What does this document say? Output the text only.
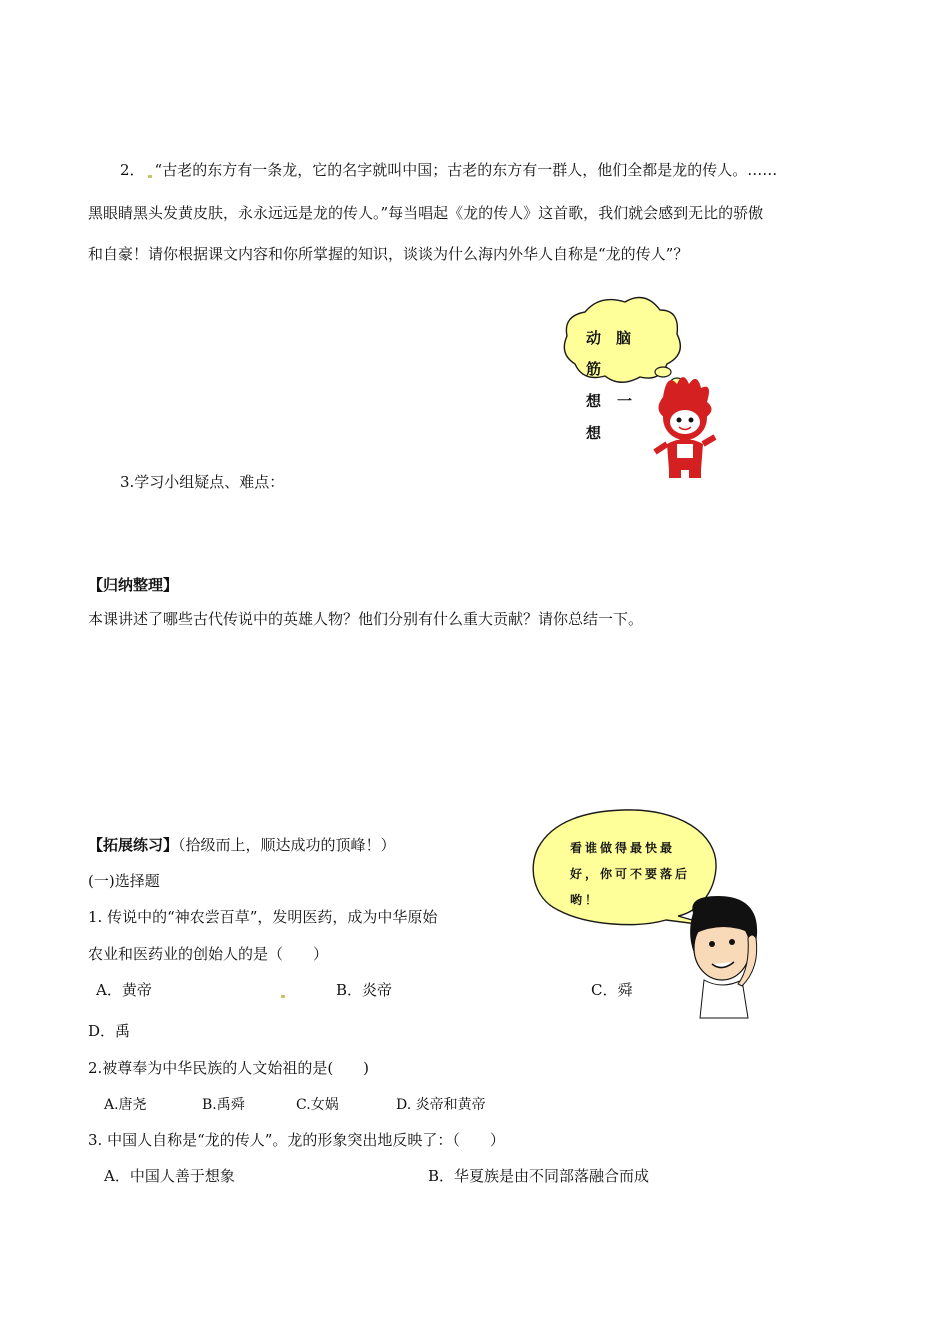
2． “古老的东方有一条龙，它的名字就叫中国；古老的东方有一群人，他们全都是龙的传人。……
黑眼睛黑头发黄皮肤，永永远远是龙的传人。”每当唱起《龙的传人》这首歌，我们就会感到无比的骄傲
和自豪！请你根据课文内容和你所掌握的知识，谈谈为什么海内外华人自称是“龙的传人”？
动 脑
筋
想 一
想
3.学习小组疑点、难点：
【归纳整理】
本课讲述了哪些古代传说中的英雄人物？他们分别有什么重大贡献？请你总结一下。
【拓展练习】（拾级而上，顺达成功的顶峰！）
(一)选择题
看谁做得最快最
好，你可不要落后
哟！
1. 传说中的“神农尝百草”，发明医药，成为中华原始
农业和医药业的创始人的是（　　）
A．黄帝	B．炎帝	C．舜
D．禹
2.被尊奉为中华民族的人文始祖的是(　　)
A.唐尧	B.禹舜	C.女娲	D. 炎帝和黄帝
3. 中国人自称是“龙的传人”。龙的形象突出地反映了：（　　）
A．中国人善于想象	B．华夏族是由不同部落融合而成
